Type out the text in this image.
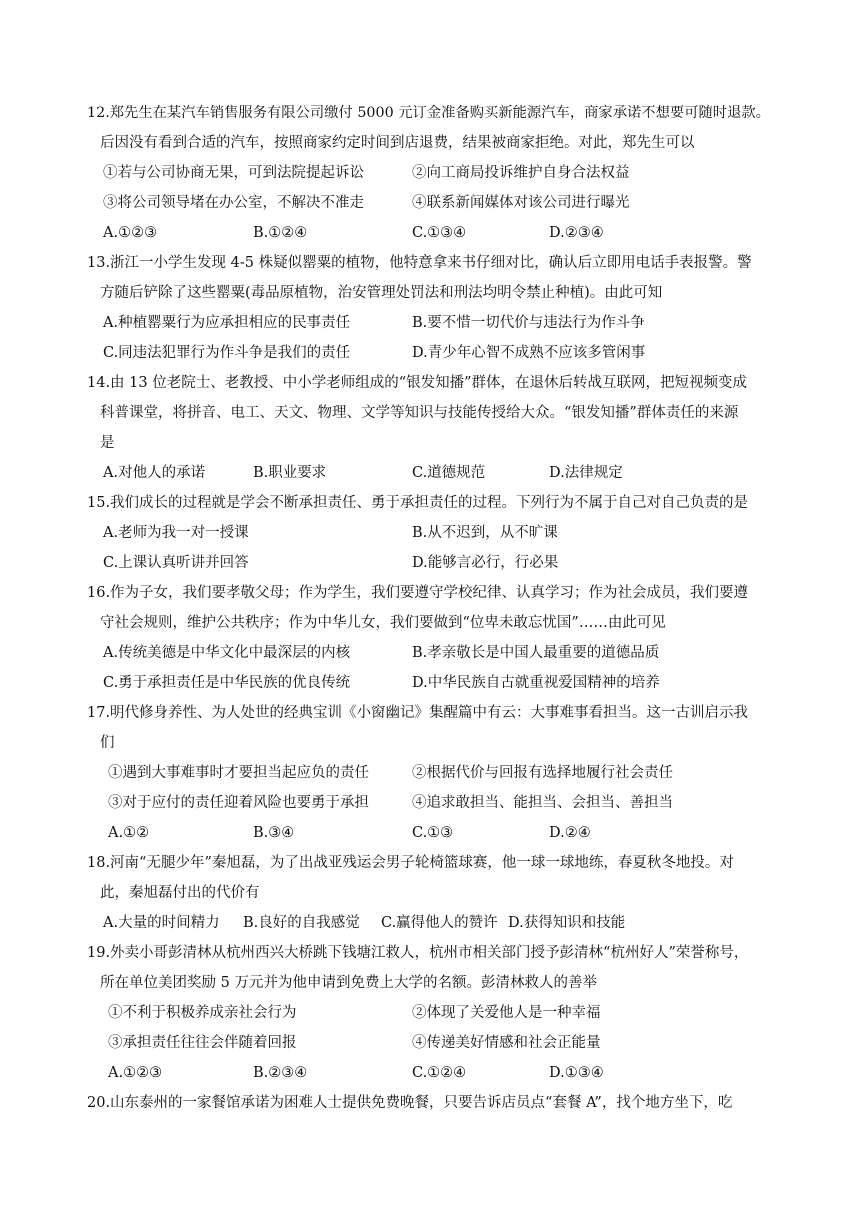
12.郑先生在某汽车销售服务有限公司缴付 5000 元订金准备购买新能源汽车，商家承诺不想要可随时退款。
后因没有看到合适的汽车，按照商家约定时间到店退费，结果被商家拒绝。对此，郑先生可以
①若与公司协商无果，可到法院提起诉讼	②向工商局投诉维护自身合法权益
③将公司领导堵在办公室，不解决不准走	④联系新闻媒体对该公司进行曝光
A.①②③	B.①②④	C.①③④	D.②③④
13.浙江一小学生发现 4-5 株疑似罂粟的植物，他特意拿来书仔细对比，确认后立即用电话手表报警。警
方随后铲除了这些罂粟(毒品原植物，治安管理处罚法和刑法均明令禁止种植)。由此可知
A.种植罂粟行为应承担相应的民事责任	B.要不惜一切代价与违法行为作斗争
C.同违法犯罪行为作斗争是我们的责任	D.青少年心智不成熟不应该多管闲事
14.由 13 位老院士、老教授、中小学老师组成的“银发知播”群体，在退休后转战互联网，把短视频变成
科普课堂，将拼音、电工、天文、物理、文学等知识与技能传授给大众。“银发知播”群体责任的来源
是
A.对他人的承诺	B.职业要求	C.道德规范	D.法律规定
15.我们成长的过程就是学会不断承担责任、勇于承担责任的过程。下列行为不属于自己对自己负责的是
A.老师为我一对一授课	B.从不迟到，从不旷课
C.上课认真听讲并回答	D.能够言必行，行必果
16.作为子女，我们要孝敬父母；作为学生，我们要遵守学校纪律、认真学习；作为社会成员，我们要遵
守社会规则，维护公共秩序；作为中华儿女，我们要做到“位卑未敢忘忧国”……由此可见
A.传统美德是中华文化中最深层的内核	B.孝亲敬长是中国人最重要的道德品质
C.勇于承担责任是中华民族的优良传统	D.中华民族自古就重视爱国精神的培养
17.明代修身养性、为人处世的经典宝训《小窗幽记》集醒篇中有云：大事难事看担当。这一古训启示我
们
①遇到大事难事时才要担当起应负的责任	②根据代价与回报有选择地履行社会责任
③对于应付的责任迎着风险也要勇于承担	④追求敢担当、能担当、会担当、善担当
A.①②	B.③④	C.①③	D.②④
18.河南“无腿少年”秦旭磊，为了出战亚残运会男子轮椅篮球赛，他一球一球地练，春夏秋冬地投。对
此，秦旭磊付出的代价有
A.大量的时间精力 B.良好的自我感觉 C.赢得他人的赞许 D.获得知识和技能
19.外卖小哥彭清林从杭州西兴大桥跳下钱塘江救人，杭州市相关部门授予彭清林“杭州好人”荣誉称号，
所在单位美团奖励 5 万元并为他申请到免费上大学的名额。彭清林救人的善举
①不利于积极养成亲社会行为	②体现了关爱他人是一种幸福
③承担责任往往会伴随着回报	④传递美好情感和社会正能量
A.①②③	B.②③④	C.①②④	D.①③④
20.山东泰州的一家餐馆承诺为困难人士提供免费晚餐，只要告诉店员点“套餐 A”，找个地方坐下，吃
